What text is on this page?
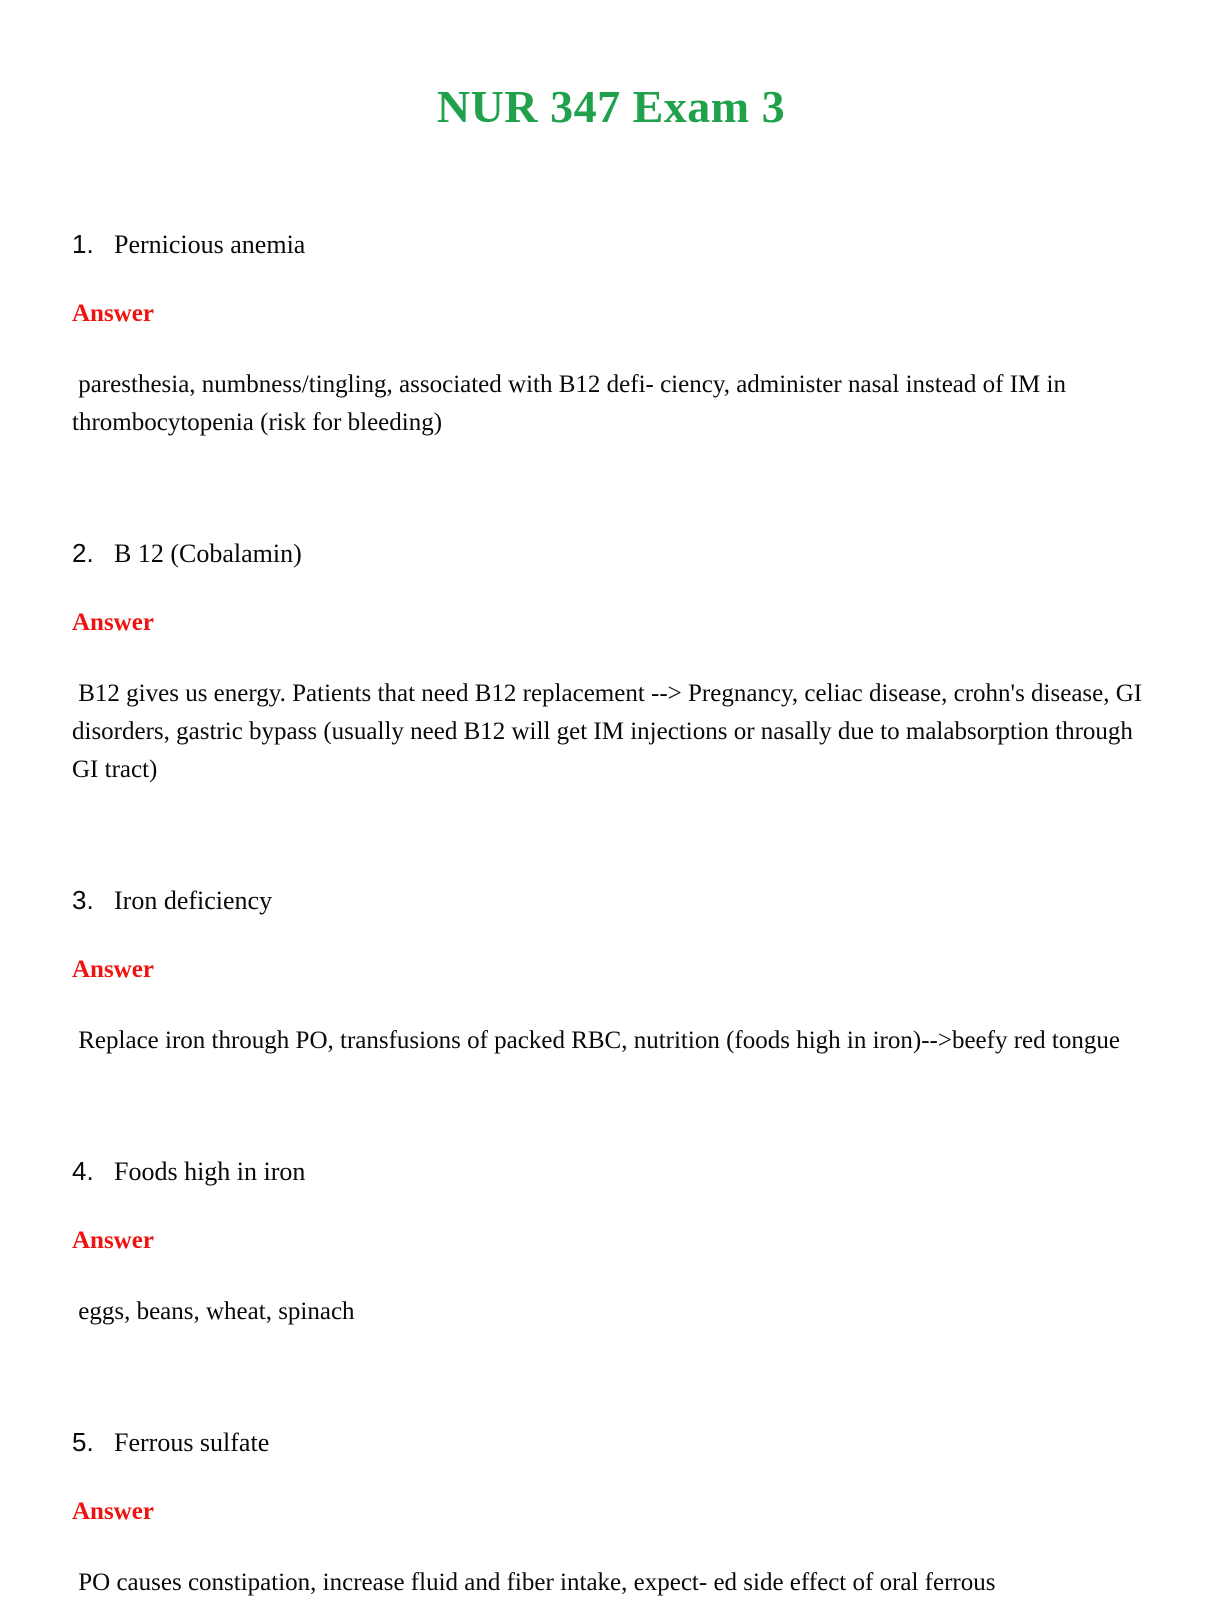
NUR 347 Exam 3
1. Pernicious anemia
Answer
paresthesia, numbness/tingling, associated with B12 defi- ciency, administer nasal instead of IM in thrombocytopenia (risk for bleeding)
2. B 12 (Cobalamin)
Answer
B12 gives us energy. Patients that need B12 replacement --> Pregnancy, celiac disease, crohn's disease, GI disorders, gastric bypass (usually need B12 will get IM injections or nasally due to malabsorption through GI tract)
3. Iron deficiency
Answer
Replace iron through PO, transfusions of packed RBC, nutrition (foods high in iron)-->beefy red tongue
4. Foods high in iron
Answer
eggs, beans, wheat, spinach
5. Ferrous sulfate
Answer
PO causes constipation, increase fluid and fiber intake, expect- ed side effect of oral ferrous
